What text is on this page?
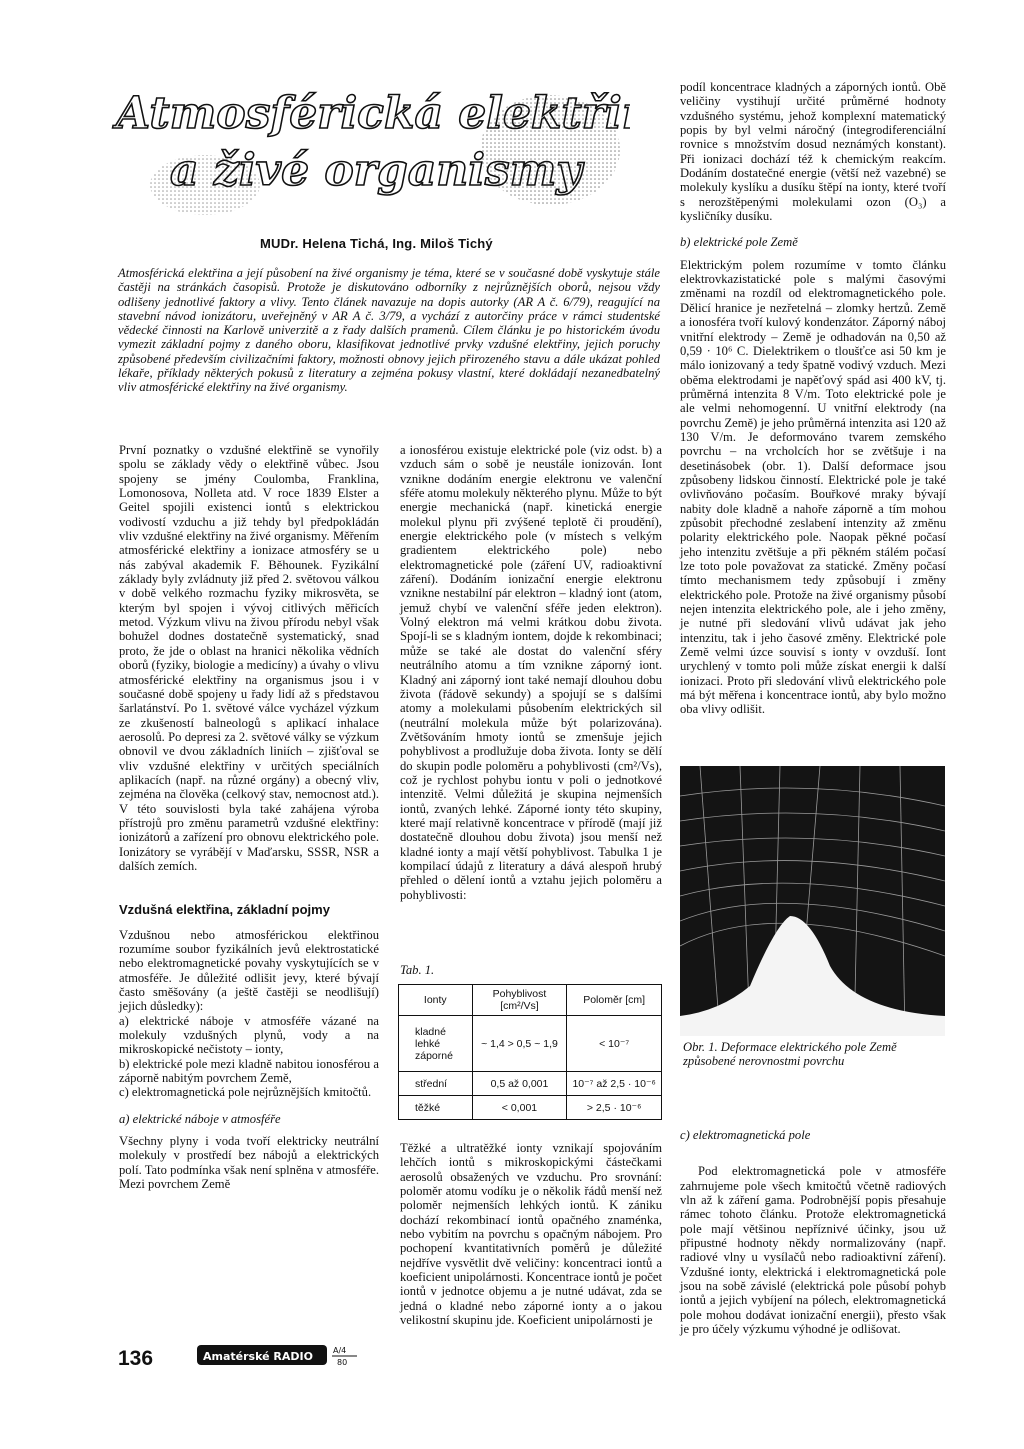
Atmosférická elektřina
a živé organismy
MUDr. Helena Tichá, Ing. Miloš Tichý
Atmosférická elektřina a její působení na živé organismy je téma, které se v současné době vyskytuje stále častěji na stránkách časopisů. Protože je diskutováno odborníky z nejrůznějších oborů, nejsou vždy odlišeny jednotlivé faktory a vlivy. Tento článek navazuje na dopis autorky (AR A č. 6/79), reagující na stavební návod ionizátoru, uveřejněný v AR A č. 3/79, a vychází z autorčiny práce v rámci studentské vědecké činnosti na Karlově univerzitě a z řady dalších pramenů. Cílem článku je po historickém úvodu vymezit základní pojmy z daného oboru, klasifikovat jednotlivé prvky vzdušné elektřiny, jejich poruchy způsobené především civilizačními faktory, možnosti obnovy jejich přirozeného stavu a dále ukázat pohled lékaře, příklady některých pokusů z literatury a zejména pokusy vlastní, které dokládají nezanedbatelný vliv atmosférické elektřiny na živé organismy.

První poznatky o vzdušné elektřině se vynořily spolu se základy vědy o elektřině vůbec. Jsou spojeny se jmény Coulomba, Franklina, Lomonosova, Nolleta atd. V roce 1839 Elster a Geitel spojili existenci iontů s elektrickou vodivostí vzduchu a již tehdy byl předpokládán vliv vzdušné elektřiny na živé organismy. Měřením atmosférické elektřiny a ionizace atmosféry se u nás zabýval akademik F. Běhounek. Fyzikální základy byly zvládnuty již před 2. světovou válkou v době velkého rozmachu fyziky mikrosvěta, se kterým byl spojen i vývoj citlivých měřicích metod. Výzkum vlivu na živou přírodu nebyl však bohužel dodnes dostatečně systematický, snad proto, že jde o oblast na hranici několika vědních oborů (fyziky, biologie a medicíny) a úvahy o vlivu atmosférické elektřiny na organismus jsou i v současné době spojeny u řady lidí až s představou šarlatánství. Po 1. světové válce vycházel výzkum ze zkušeností balneologů s aplikací inhalace aerosolů. Po depresi za 2. světové války se výzkum obnovil ve dvou základních liniích – zjišťoval se vliv vzdušné elektřiny v určitých speciálních aplikacích (např. na různé orgány) a obecný vliv, zejména na člověka (celkový stav, nemocnost atd.). V této souvislosti byla také zahájena výroba přístrojů pro změnu parametrů vzdušné elektřiny: ionizátorů a zařízení pro obnovu elektrického pole. Ionizátory se vyrábějí v Maďarsku, SSSR, NSR a dalších zemích.

Vzdušná elektřina, základní pojmy

Vzdušnou nebo atmosférickou elektřinou rozumíme soubor fyzikálních jevů elektrostatické nebo elektromagnetické povahy vyskytujících se v atmosféře. Je důležité odlišit jevy, které bývají často směšovány (a ještě častěji se neodlišují) jejich důsledky):

a) elektrické náboje v atmosféře vázané na molekuly vzdušných plynů, vody a na mikroskopické nečistoty – ionty,

b) elektrické pole mezi kladně nabitou ionosférou a záporně nabitým povrchem Země,

c) elektromagnetická pole nejrůznějších kmitočtů.

a) elektrické náboje v atmosféře

Všechny plyny i voda tvoří elektricky neutrální molekuly v prostředí bez nábojů a elektrických polí. Tato podmínka však není splněna v atmosféře. Mezi povrchem Země

a ionosférou existuje elektrické pole (viz odst. b) a vzduch sám o sobě je neustále ionizován. Iont vznikne dodáním energie elektronu ve valenční sféře atomu molekuly některého plynu. Může to být energie mechanická (např. kinetická energie molekul plynu při zvýšené teplotě či proudění), energie elektrického pole (v místech s velkým gradientem elektrického pole) nebo elektromagnetické pole (záření UV, radioaktivní záření). Dodáním ionizační energie elektronu vznikne nestabilní pár elektron – kladný iont (atom, jemuž chybí ve valenční sféře jeden elektron). Volný elektron má velmi krátkou dobu života. Spojí-li se s kladným iontem, dojde k rekombinaci; může se také ale dostat do valenční sféry neutrálního atomu a tím vznikne záporný iont. Kladný ani záporný iont také nemají dlouhou dobu života (řádově sekundy) a spojují se s dalšími atomy a molekulami působením elektrických sil (neutrální molekula může být polarizována). Zvětšováním hmoty iontů se zmenšuje jejich pohyblivost a prodlužuje doba života. Ionty se dělí do skupin podle poloměru a pohyblivosti (cm²/Vs), což je rychlost pohybu iontu v poli o jednotkové intenzitě. Velmi důležitá je skupina nejmenších iontů, zvaných lehké. Záporné ionty této skupiny, které mají relativně koncentrace v přírodě (mají již dostatečně dlouhou dobu života) jsou menší než kladné ionty a mají větší pohyblivost. Tabulka 1 je kompilací údajů z literatury a dává alespoň hrubý přehled o dělení iontů a vztahu jejich poloměru a pohyblivosti:

Tab. 1.
Ionty	Pohyblivost [cm²/Vs]	Poloměr [cm]
kladné lehké záporné	~ 1,4 > 0,5 ~ 1,9	< 10⁻⁷
střední	0,5 až 0,001	10⁻⁷ až 2,5 · 10⁻⁶
těžké	< 0,001	> 2,5 · 10⁻⁶

Těžké a ultratěžké ionty vznikají spojováním lehčích iontů s mikroskopickými částečkami aerosolů obsažených ve vzduchu. Pro srovnání: poloměr atomu vodíku je o několik řádů menší než poloměr nejmenších lehkých iontů. K zániku dochází rekombinací iontů opačného znaménka, nebo vybitím na povrchu s opačným nábojem. Pro pochopení kvantitativních poměrů je důležité nejdříve vysvětlit dvě veličiny: koncentraci iontů a koeficient unipolárnosti. Koncentrace iontů je počet iontů v jednotce objemu a je nutné udávat, zda se jedná o kladné nebo záporné ionty a o jakou velikostní skupinu jde. Koeficient unipolárnosti je

podíl koncentrace kladných a záporných iontů. Obě veličiny vystihují určité průměrné hodnoty vzdušného systému, jehož komplexní matematický popis by byl velmi náročný (integrodiferenciální rovnice s množstvím dosud neznámých konstant). Při ionizaci dochází též k chemickým reakcím. Dodáním dostatečné energie (větší než vazebné) se molekuly kyslíku a dusíku štěpí na ionty, které tvoří s nerozštěpenými molekulami ozon (O₃) a kysličníky dusíku.

b) elektrické pole Země

Elektrickým polem rozumíme v tomto článku elektrovkazistatické pole s malými časovými změnami na rozdíl od elektromagnetického pole. Dělicí hranice je nezřetelná – zlomky hertzů. Země a ionosféra tvoří kulový kondenzátor. Záporný náboj vnitřní elektrody – Země je odhadován na 0,50 až 0,59 · 10⁶ C. Dielektrikem o tloušťce asi 50 km je málo ionizovaný a tedy špatně vodivý vzduch. Mezi oběma elektrodami je napěťový spád asi 400 kV, tj. průměrná intenzita 8 V/m. Toto elektrické pole je ale velmi nehomogenní. U vnitřní elektrody (na povrchu Země) je jeho průměrná intenzita asi 120 až 130 V/m. Je deformováno tvarem zemského povrchu – na vrcholcích hor se zvětšuje i na desetinásobek (obr. 1). Další deformace jsou způsobeny lidskou činností. Elektrické pole je také ovlivňováno počasím. Bouřkové mraky bývají nabity dole kladně a nahoře záporně a tím mohou způsobit přechodné zeslabení intenzity až změnu polarity elektrického pole. Naopak pěkné počasí jeho intenzitu zvětšuje a při pěkném stálém počasí lze toto pole považovat za statické. Změny počasí tímto mechanismem tedy způsobují i změny elektrického pole. Protože na živé organismy působí nejen intenzita elektrického pole, ale i jeho změny, je nutné při sledování vlivů udávat jak jeho intenzitu, tak i jeho časové změny. Elektrické pole Země velmi úzce souvisí s ionty v ovzduší. Iont urychlený v tomto poli může získat energii k další ionizaci. Proto při sledování vlivů elektrického pole má být měřena i koncentrace iontů, aby bylo možno oba vlivy odlišit.

Obr. 1. Deformace elektrického pole Země způsobené nerovnostmi povrchu
c) elektromagnetická pole

Pod elektromagnetická pole v atmosféře zahrnujeme pole všech kmitočtů včetně radiových vln až k záření gama. Podrobnější popis přesahuje rámec tohoto článku. Protože elektromagnetická pole mají většinou nepříznivé účinky, jsou už připustné hodnoty někdy normalizovány (např. radiové vlny u vysílačů nebo radioaktivní záření). Vzdušné ionty, elektrická i elektromagnetická pole jsou na sobě závislé (elektrická pole působí pohyb iontů a jejich vybíjení na pólech, elektromagnetická pole mohou dodávat ionizační energii), přesto však je pro účely výzkumu výhodné je odlišovat.

136	Amatérské RADIO	A/4
80
